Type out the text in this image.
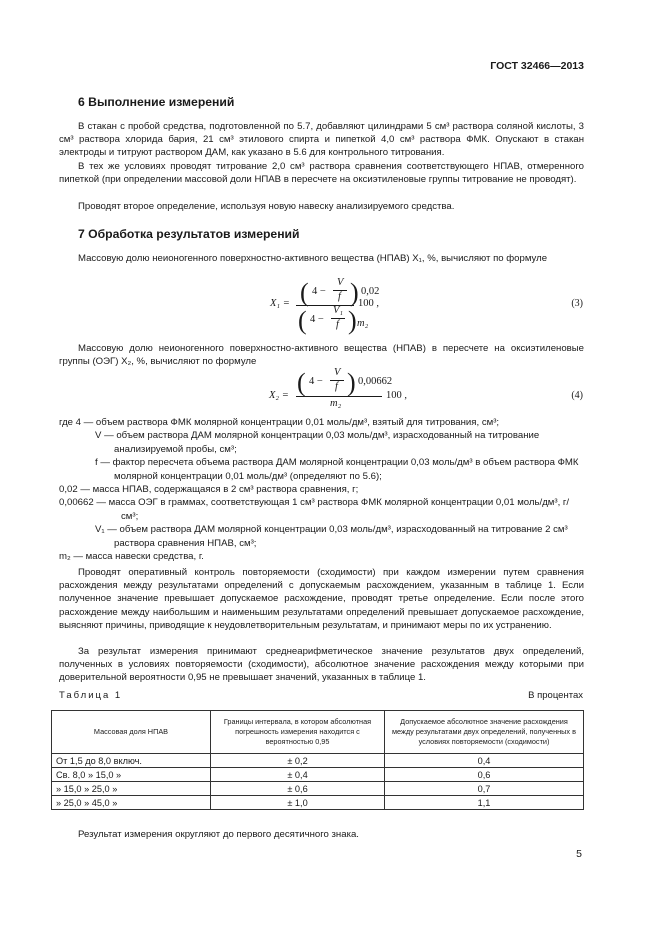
ГОСТ 32466—2013
6 Выполнение измерений

В стакан с пробой средства, подготовленной по 5.7, добавляют цилиндрами 5 см³ раствора соляной кислоты, 3 см³ раствора хлорида бария, 21 см³ этилового спирта и пипеткой 4,0 см³ раствора ФМК. Опускают в стакан электроды и титруют раствором ДАМ, как указано в 5.6 для контрольного титрования.

В тех же условиях проводят титрование 2,0 см³ раствора сравнения соответствующего НПАВ, отмеренного пипеткой (при определении массовой доли НПАВ в пересчете на оксиэтиленовые группы титрование не проводят).

Проводят второе определение, используя новую навеску анализируемого средства.

7 Обработка результатов измерений

Массовую долю неионогенного поверхностно-активного вещества (НПАВ) X₁, %, вычисляют по формуле

X₁ = ( 4 −
V
f ) 0,02
( 4 −
V₁
f ) m₂
100 ,	(3)

Массовую долю неионогенного поверхностно-активного вещества (НПАВ) в пересчете на оксиэтиленовые группы (ОЭГ) X₂, %, вычисляют по формуле

X₂ = ( 4 −
V
f ) 0,00662
m₂
100 ,	(4)

где 4 — объем раствора ФМК молярной концентрации 0,01 моль/дм³, взятый для титрования, см³;

V — объем раствора ДАМ молярной концентрации 0,03 моль/дм³, израсходованный на титрование анализируемой пробы, см³;

f — фактор пересчета объема раствора ДАМ молярной концентрации 0,03 моль/дм³ в объем раствора ФМК молярной концентрации 0,01 моль/дм³ (определяют по 5.6);

0,02 — масса НПАВ, содержащаяся в 2 см³ раствора сравнения, г;

0,00662 — масса ОЭГ в граммах, соответствующая 1 см³ раствора ФМК молярной концентрации 0,01 моль/дм³, г/см³;

V₁ — объем раствора ДАМ молярной концентрации 0,03 моль/дм³, израсходованный на титрование 2 см³ раствора сравнения НПАВ, см³;

m₂ — масса навески средства, г.

Проводят оперативный контроль повторяемости (сходимости) при каждом измерении путем сравнения расхождения между результатами определений с допускаемым расхождением, указанным в таблице 1. Если полученное значение превышает допускаемое расхождение, проводят третье определение. Если после этого расхождение между наибольшим и наименьшим результатами определений превышает допускаемое расхождение, выясняют причины, приводящие к неудовлетворительным результатам, и принимают меры по их устранению.

За результат измерения принимают среднеарифметическое значение результатов двух определений, полученных в условиях повторяемости (сходимости), абсолютное значение расхождения между которыми при доверительной вероятности 0,95 не превышает значений, указанных в таблице 1.

Таблица 1	В процентах
Массовая доля НПАВ	Границы интервала, в котором абсолютная погрешность измерения находится с вероятностью 0,95	Допускаемое абсолютное значение расхождения между результатами двух определений, полученных в условиях повторяемости (сходимости)
От 1,5 до 8,0 включ.	± 0,2	0,4
Св. 8,0 » 15,0 »	± 0,4	0,6
» 15,0 » 25,0 »	± 0,6	0,7
» 25,0 » 45,0 »	± 1,0	1,1

Результат измерения округляют до первого десятичного знака.

5
